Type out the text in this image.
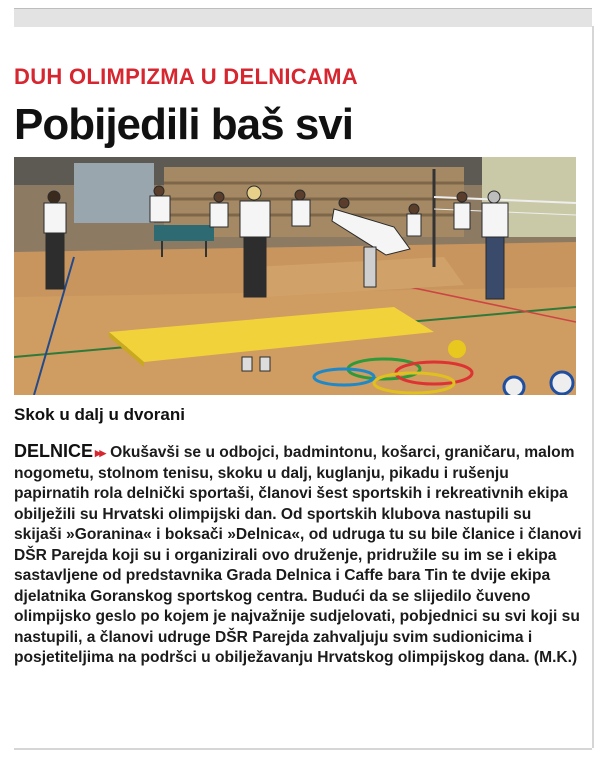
DUH OLIMPIZMA U DELNICAMA
Pobijedili baš svi
Skok u dalj u dvorani

DELNICE ▸▸ Okušavši se u odbojci, badmintonu, košarci, graničaru, malom nogometu, stolnom tenisu, skoku u dalj, kuglanju, pikadu i rušenju papirnatih rola delnički sportaši, članovi šest sportskih i rekreativnih ekipa obilježili su Hrvatski olimpijski dan. Od sportskih klubova nastupili su skijaši »Goranina« i boksači »Delnica«, od udruga tu su bile članice i članovi DŠR Parejda koji su i organizirali ovo druženje, pridružile su im se i ekipa sastavljene od predstavnika Grada Delnica i Caffe bara Tin te dvije ekipa djelatnika Goranskog sportskog centra. Budući da se slijedilo čuveno olimpijsko geslo po kojem je najvažnije sudjelovati, pobjednici su svi koji su nastupili, a članovi udruge DŠR Parejda zahvaljuju svim sudionicima i posjetiteljima na podršci u obilježavanju Hrvatskog olimpijskog dana. (M.K.)
